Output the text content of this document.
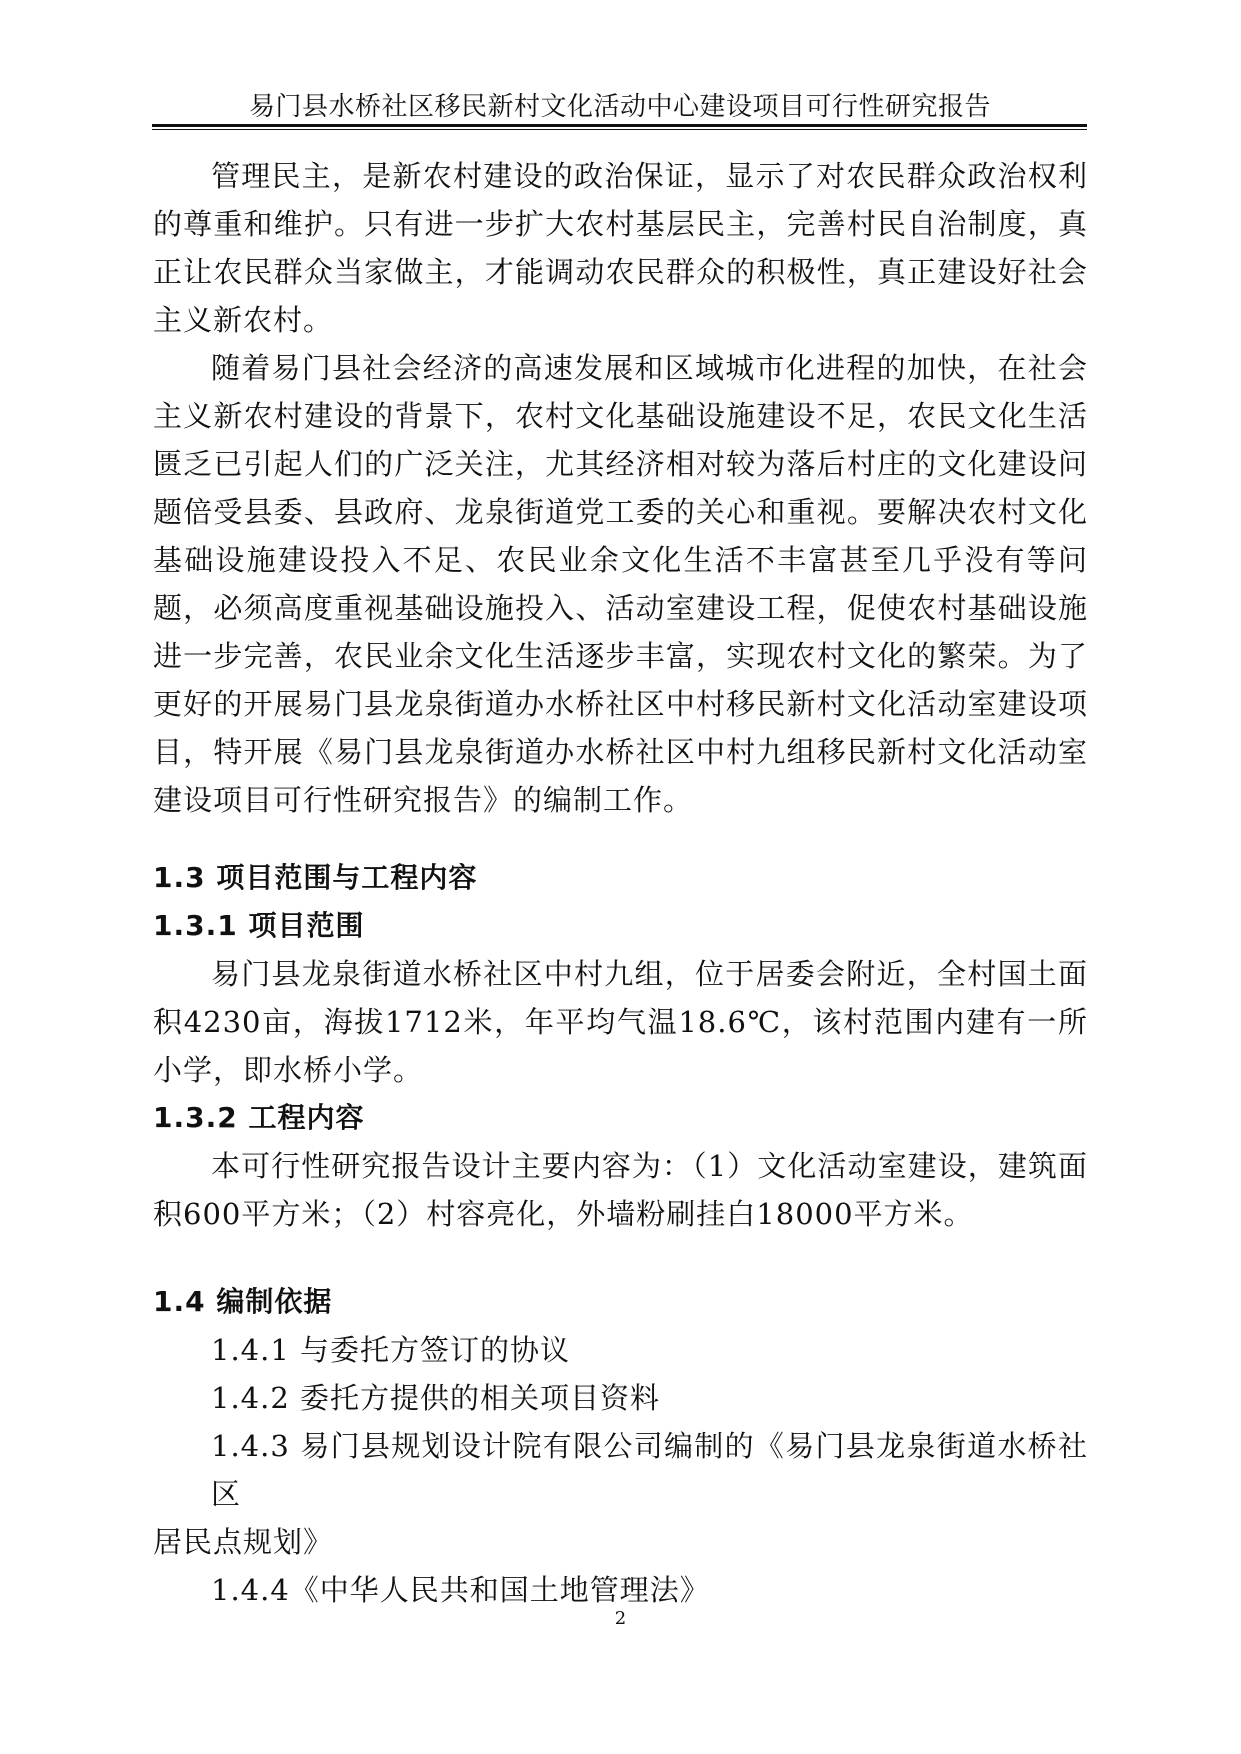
易门县水桥社区移民新村文化活动中心建设项目可行性研究报告

管理民主，是新农村建设的政治保证，显示了对农民群众政治权利的尊重和维护。只有进一步扩大农村基层民主，完善村民自治制度，真正让农民群众当家做主，才能调动农民群众的积极性，真正建设好社会主义新农村。

随着易门县社会经济的高速发展和区域城市化进程的加快，在社会主义新农村建设的背景下，农村文化基础设施建设不足，农民文化生活匮乏已引起人们的广泛关注，尤其经济相对较为落后村庄的文化建设问题倍受县委、县政府、龙泉街道党工委的关心和重视。要解决农村文化基础设施建设投入不足、农民业余文化生活不丰富甚至几乎没有等问题，必须高度重视基础设施投入、活动室建设工程，促使农村基础设施进一步完善，农民业余文化生活逐步丰富，实现农村文化的繁荣。为了更好的开展易门县龙泉街道办水桥社区中村移民新村文化活动室建设项目，特开展《易门县龙泉街道办水桥社区中村九组移民新村文化活动室建设项目可行性研究报告》的编制工作。

1.3 项目范围与工程内容

1.3.1 项目范围

易门县龙泉街道水桥社区中村九组，位于居委会附近，全村国土面积4230亩，海拔1712米，年平均气温18.6℃，该村范围内建有一所小学，即水桥小学。

1.3.2 工程内容

本可行性研究报告设计主要内容为：（1）文化活动室建设，建筑面积600平方米；（2）村容亮化，外墙粉刷挂白18000平方米。

1.4 编制依据

1.4.1 与委托方签订的协议

1.4.2 委托方提供的相关项目资料

1.4.3 易门县规划设计院有限公司编制的《易门县龙泉街道水桥社区
居民点规划》

1.4.4《中华人民共和国土地管理法》

2
